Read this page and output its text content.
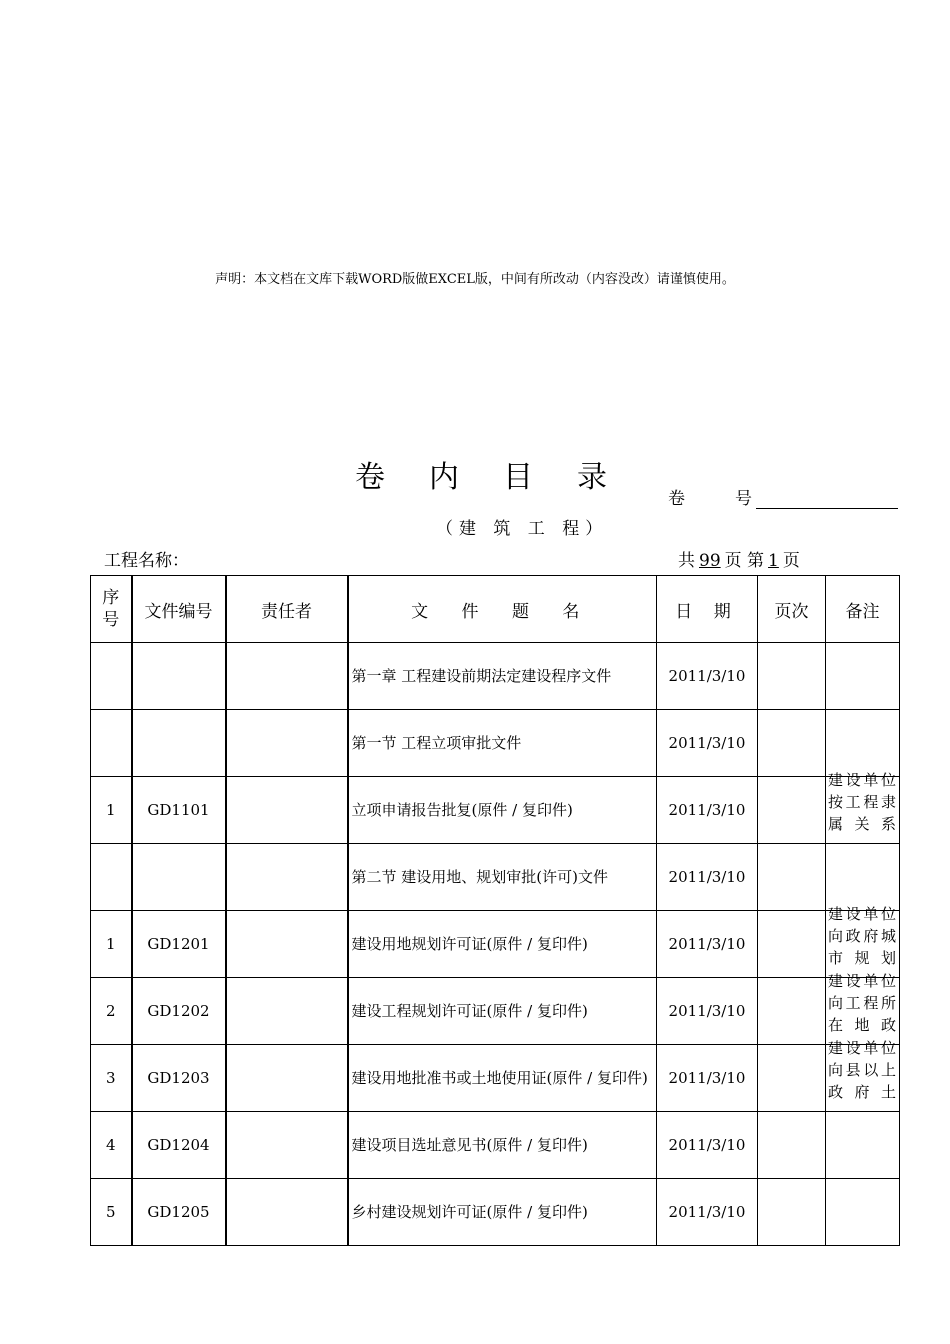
声明：本文档在文库下载WORD版做EXCEL版，中间有所改动（内容没改）请谨慎使用。
卷内目录
（建 筑 工 程）
卷号
工程名称：	共 99 页 第 1 页
序号	文件编号	责任者	文 件 题 名	日 期	页次	备注
			第一章 工程建设前期法定建设程序文件	2011/3/10		

			第一节 工程立项审批文件	2011/3/10		

1	GD1101		立项申请报告批复(原件 / 复印件)	2011/3/10		建设单位按工程隶属关系

			第二节 建设用地、规划审批(许可)文件	2011/3/10		

1	GD1201		建设用地规划许可证(原件 / 复印件)	2011/3/10		建设单位向政府城市规划

2	GD1202		建设工程规划许可证(原件 / 复印件)	2011/3/10		建设单位向工程所在地政

3	GD1203		建设用地批准书或土地使用证(原件 / 复印件)	2011/3/10		建设单位向县以上政府土

4	GD1204		建设项目选址意见书(原件 / 复印件)	2011/3/10		

5	GD1205		乡村建设规划许可证(原件 / 复印件)	2011/3/10		
